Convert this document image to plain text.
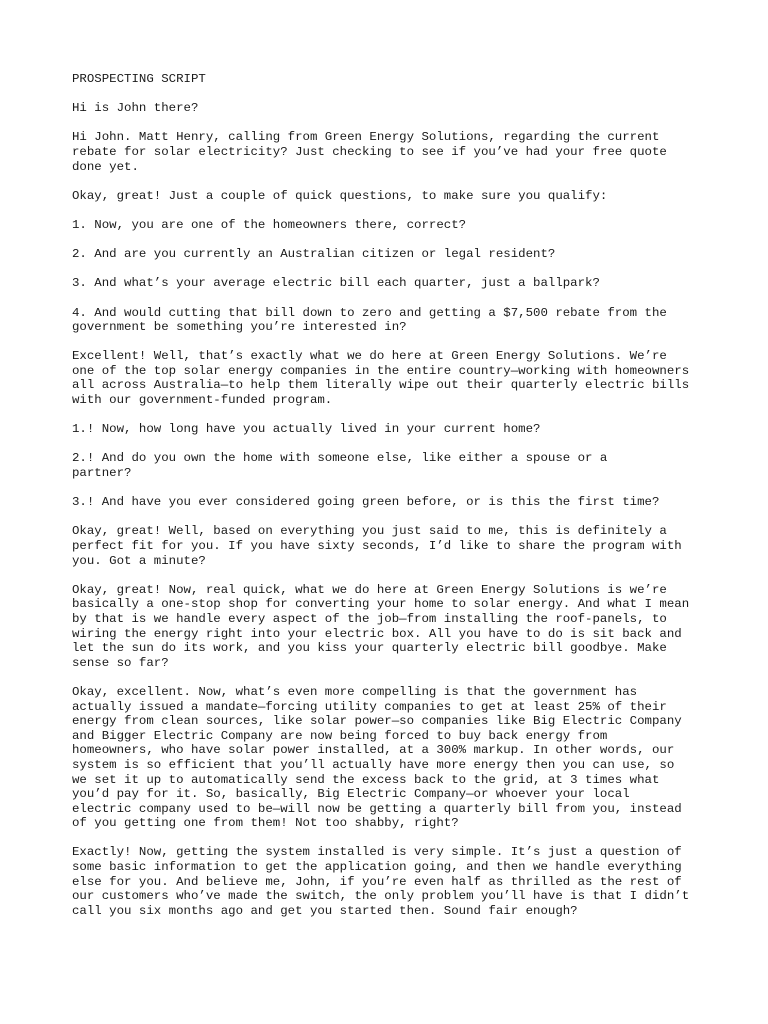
PROSPECTING SCRIPT

Hi is John there?

Hi John. Matt Henry, calling from Green Energy Solutions, regarding the current
rebate for solar electricity? Just checking to see if you’ve had your free quote
done yet.

Okay, great! Just a couple of quick questions, to make sure you qualify:

1. Now, you are one of the homeowners there, correct?

2. And are you currently an Australian citizen or legal resident?

3. And what’s your average electric bill each quarter, just a ballpark?

4. And would cutting that bill down to zero and getting a $7,500 rebate from the
government be something you’re interested in?

Excellent! Well, that’s exactly what we do here at Green Energy Solutions. We’re
one of the top solar energy companies in the entire country—working with homeowners
all across Australia—to help them literally wipe out their quarterly electric bills
with our government-funded program.

1.! Now, how long have you actually lived in your current home?

2.! And do you own the home with someone else, like either a spouse or a
partner?

3.! And have you ever considered going green before, or is this the first time?

Okay, great! Well, based on everything you just said to me, this is definitely a
perfect fit for you. If you have sixty seconds, I’d like to share the program with
you. Got a minute?

Okay, great! Now, real quick, what we do here at Green Energy Solutions is we’re
basically a one-stop shop for converting your home to solar energy. And what I mean
by that is we handle every aspect of the job—from installing the roof-panels, to
wiring the energy right into your electric box. All you have to do is sit back and
let the sun do its work, and you kiss your quarterly electric bill goodbye. Make
sense so far?

Okay, excellent. Now, what’s even more compelling is that the government has
actually issued a mandate—forcing utility companies to get at least 25% of their
energy from clean sources, like solar power—so companies like Big Electric Company
and Bigger Electric Company are now being forced to buy back energy from
homeowners, who have solar power installed, at a 300% markup. In other words, our
system is so efficient that you’ll actually have more energy then you can use, so
we set it up to automatically send the excess back to the grid, at 3 times what
you’d pay for it. So, basically, Big Electric Company—or whoever your local
electric company used to be—will now be getting a quarterly bill from you, instead
of you getting one from them! Not too shabby, right?

Exactly! Now, getting the system installed is very simple. It’s just a question of
some basic information to get the application going, and then we handle everything
else for you. And believe me, John, if you’re even half as thrilled as the rest of
our customers who’ve made the switch, the only problem you’ll have is that I didn’t
call you six months ago and get you started then. Sound fair enough?
